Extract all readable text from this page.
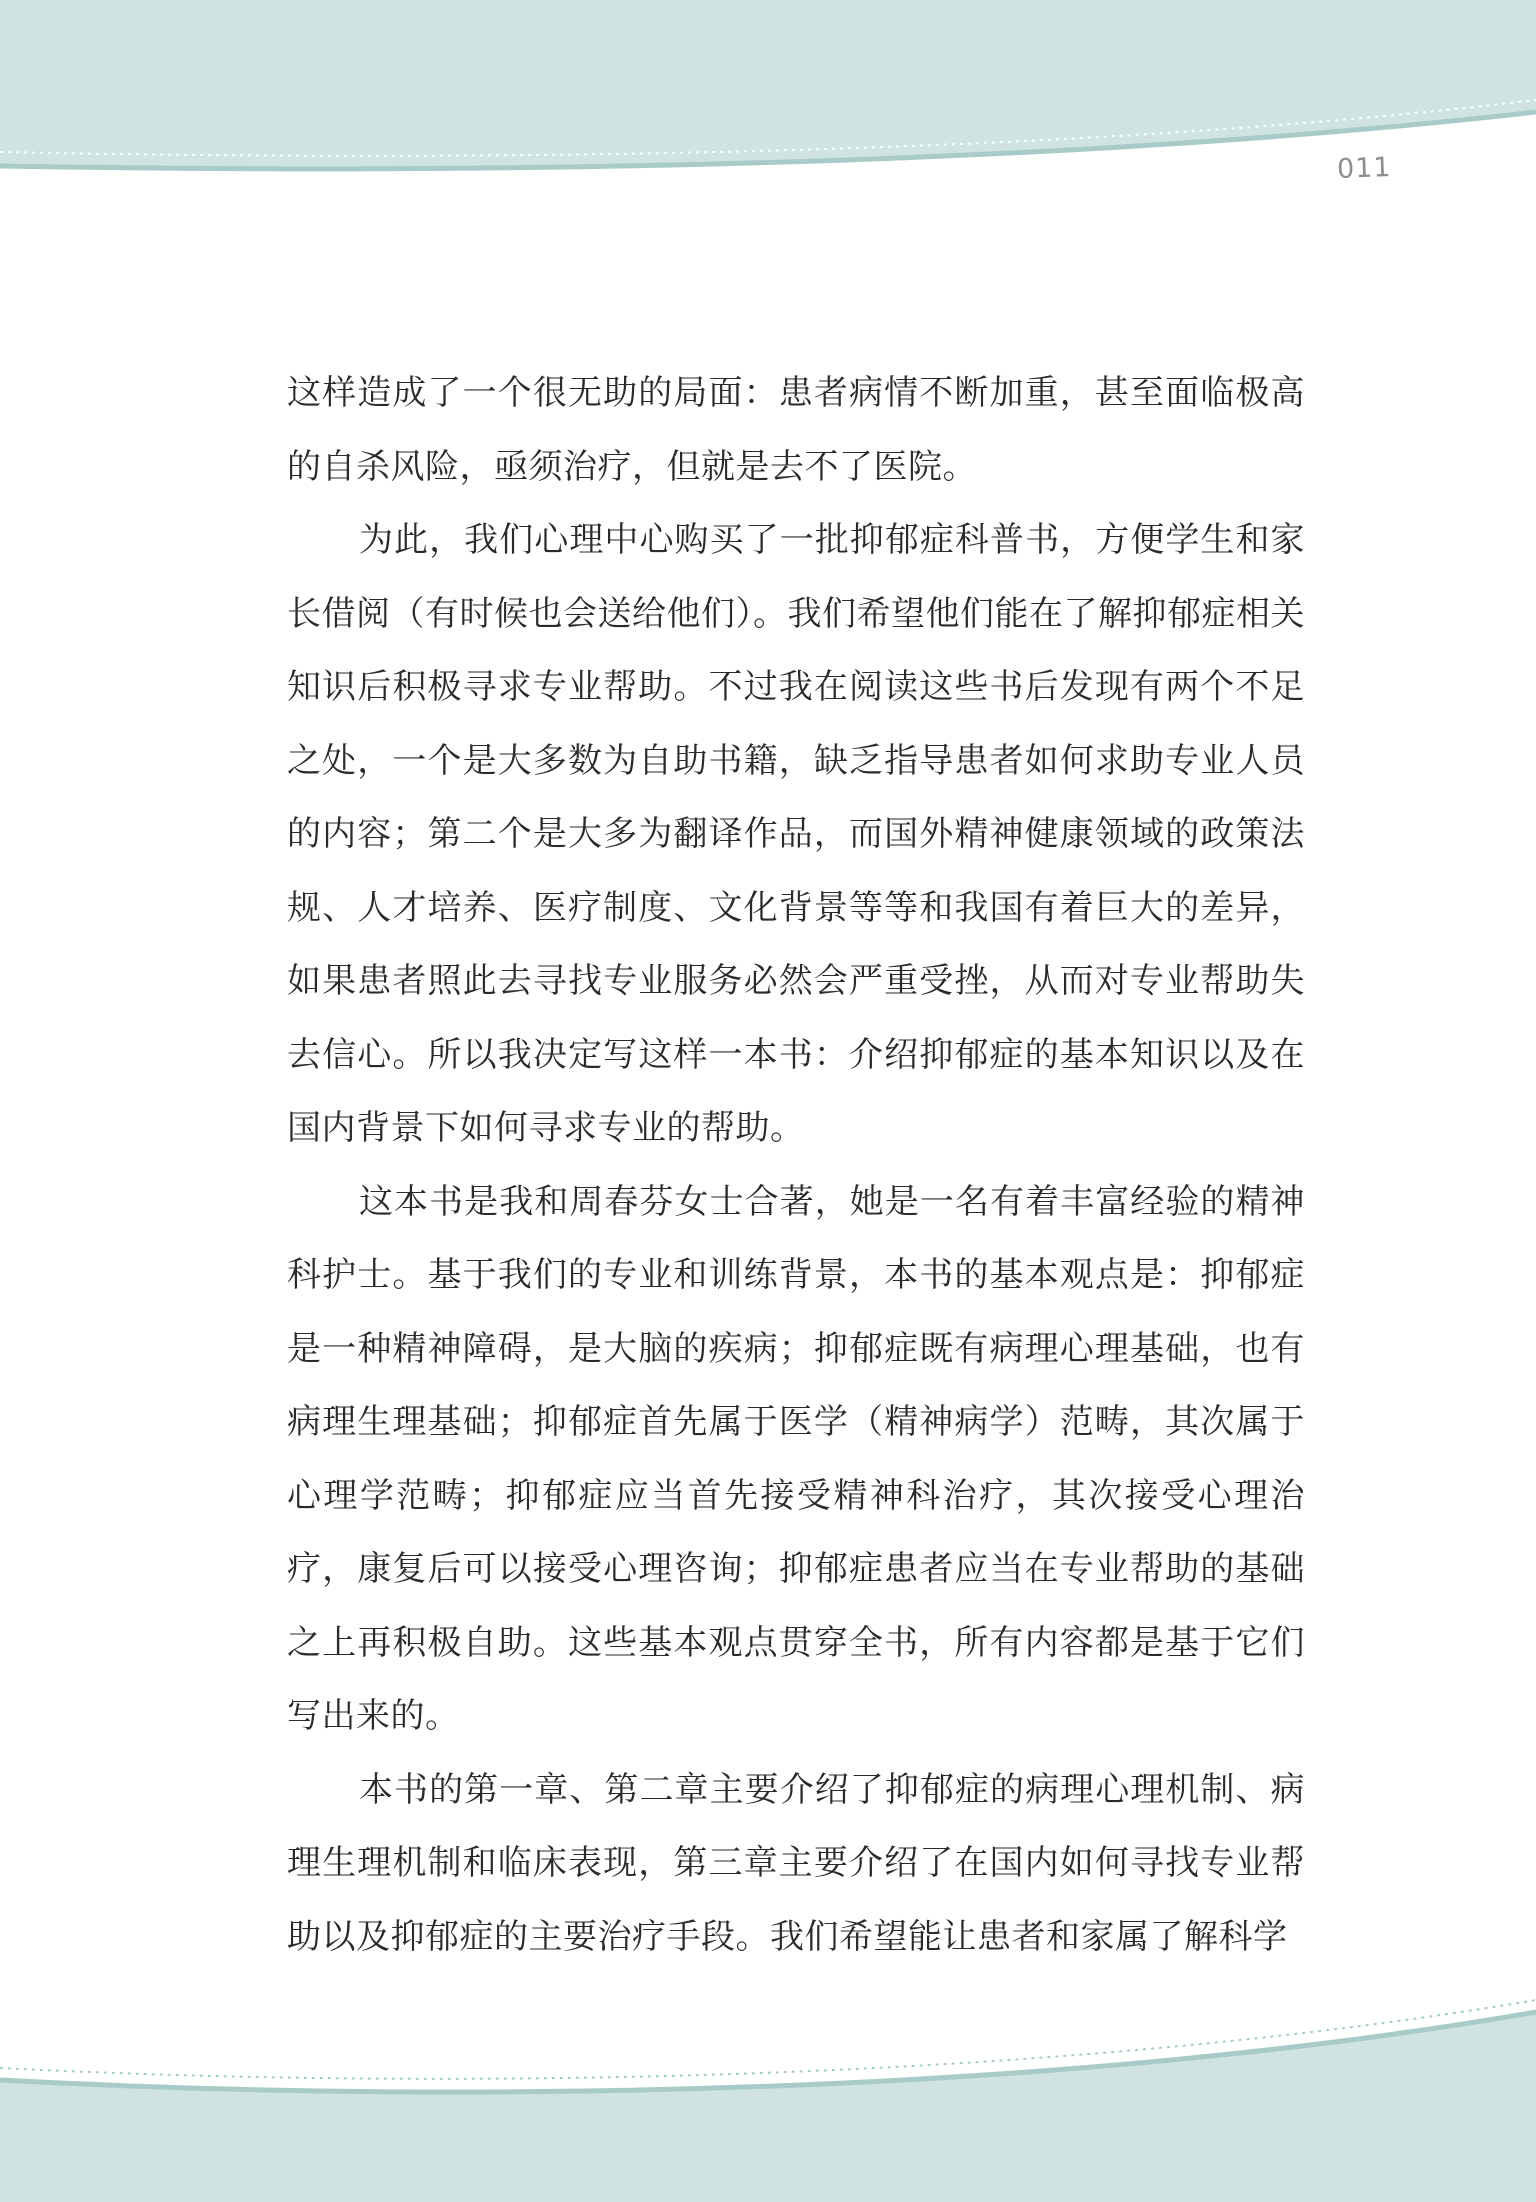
011

这样造成了一个很无助的局面：患者病情不断加重，甚至面临极高的自杀风险，亟须治疗，但就是去不了医院。

为此，我们心理中心购买了一批抑郁症科普书，方便学生和家长借阅（有时候也会送给他们）。我们希望他们能在了解抑郁症相关知识后积极寻求专业帮助。不过我在阅读这些书后发现有两个不足之处，一个是大多数为自助书籍，缺乏指导患者如何求助专业人员的内容；第二个是大多为翻译作品，而国外精神健康领域的政策法规、人才培养、医疗制度、文化背景等等和我国有着巨大的差异，如果患者照此去寻找专业服务必然会严重受挫，从而对专业帮助失去信心。所以我决定写这样一本书：介绍抑郁症的基本知识以及在国内背景下如何寻求专业的帮助。

这本书是我和周春芬女士合著，她是一名有着丰富经验的精神科护士。基于我们的专业和训练背景，本书的基本观点是：抑郁症是一种精神障碍，是大脑的疾病；抑郁症既有病理心理基础，也有病理生理基础；抑郁症首先属于医学（精神病学）范畴，其次属于心理学范畴；抑郁症应当首先接受精神科治疗，其次接受心理治疗，康复后可以接受心理咨询；抑郁症患者应当在专业帮助的基础之上再积极自助。这些基本观点贯穿全书，所有内容都是基于它们写出来的。

本书的第一章、第二章主要介绍了抑郁症的病理心理机制、病理生理机制和临床表现，第三章主要介绍了在国内如何寻找专业帮助以及抑郁症的主要治疗手段。我们希望能让患者和家属了解科学
